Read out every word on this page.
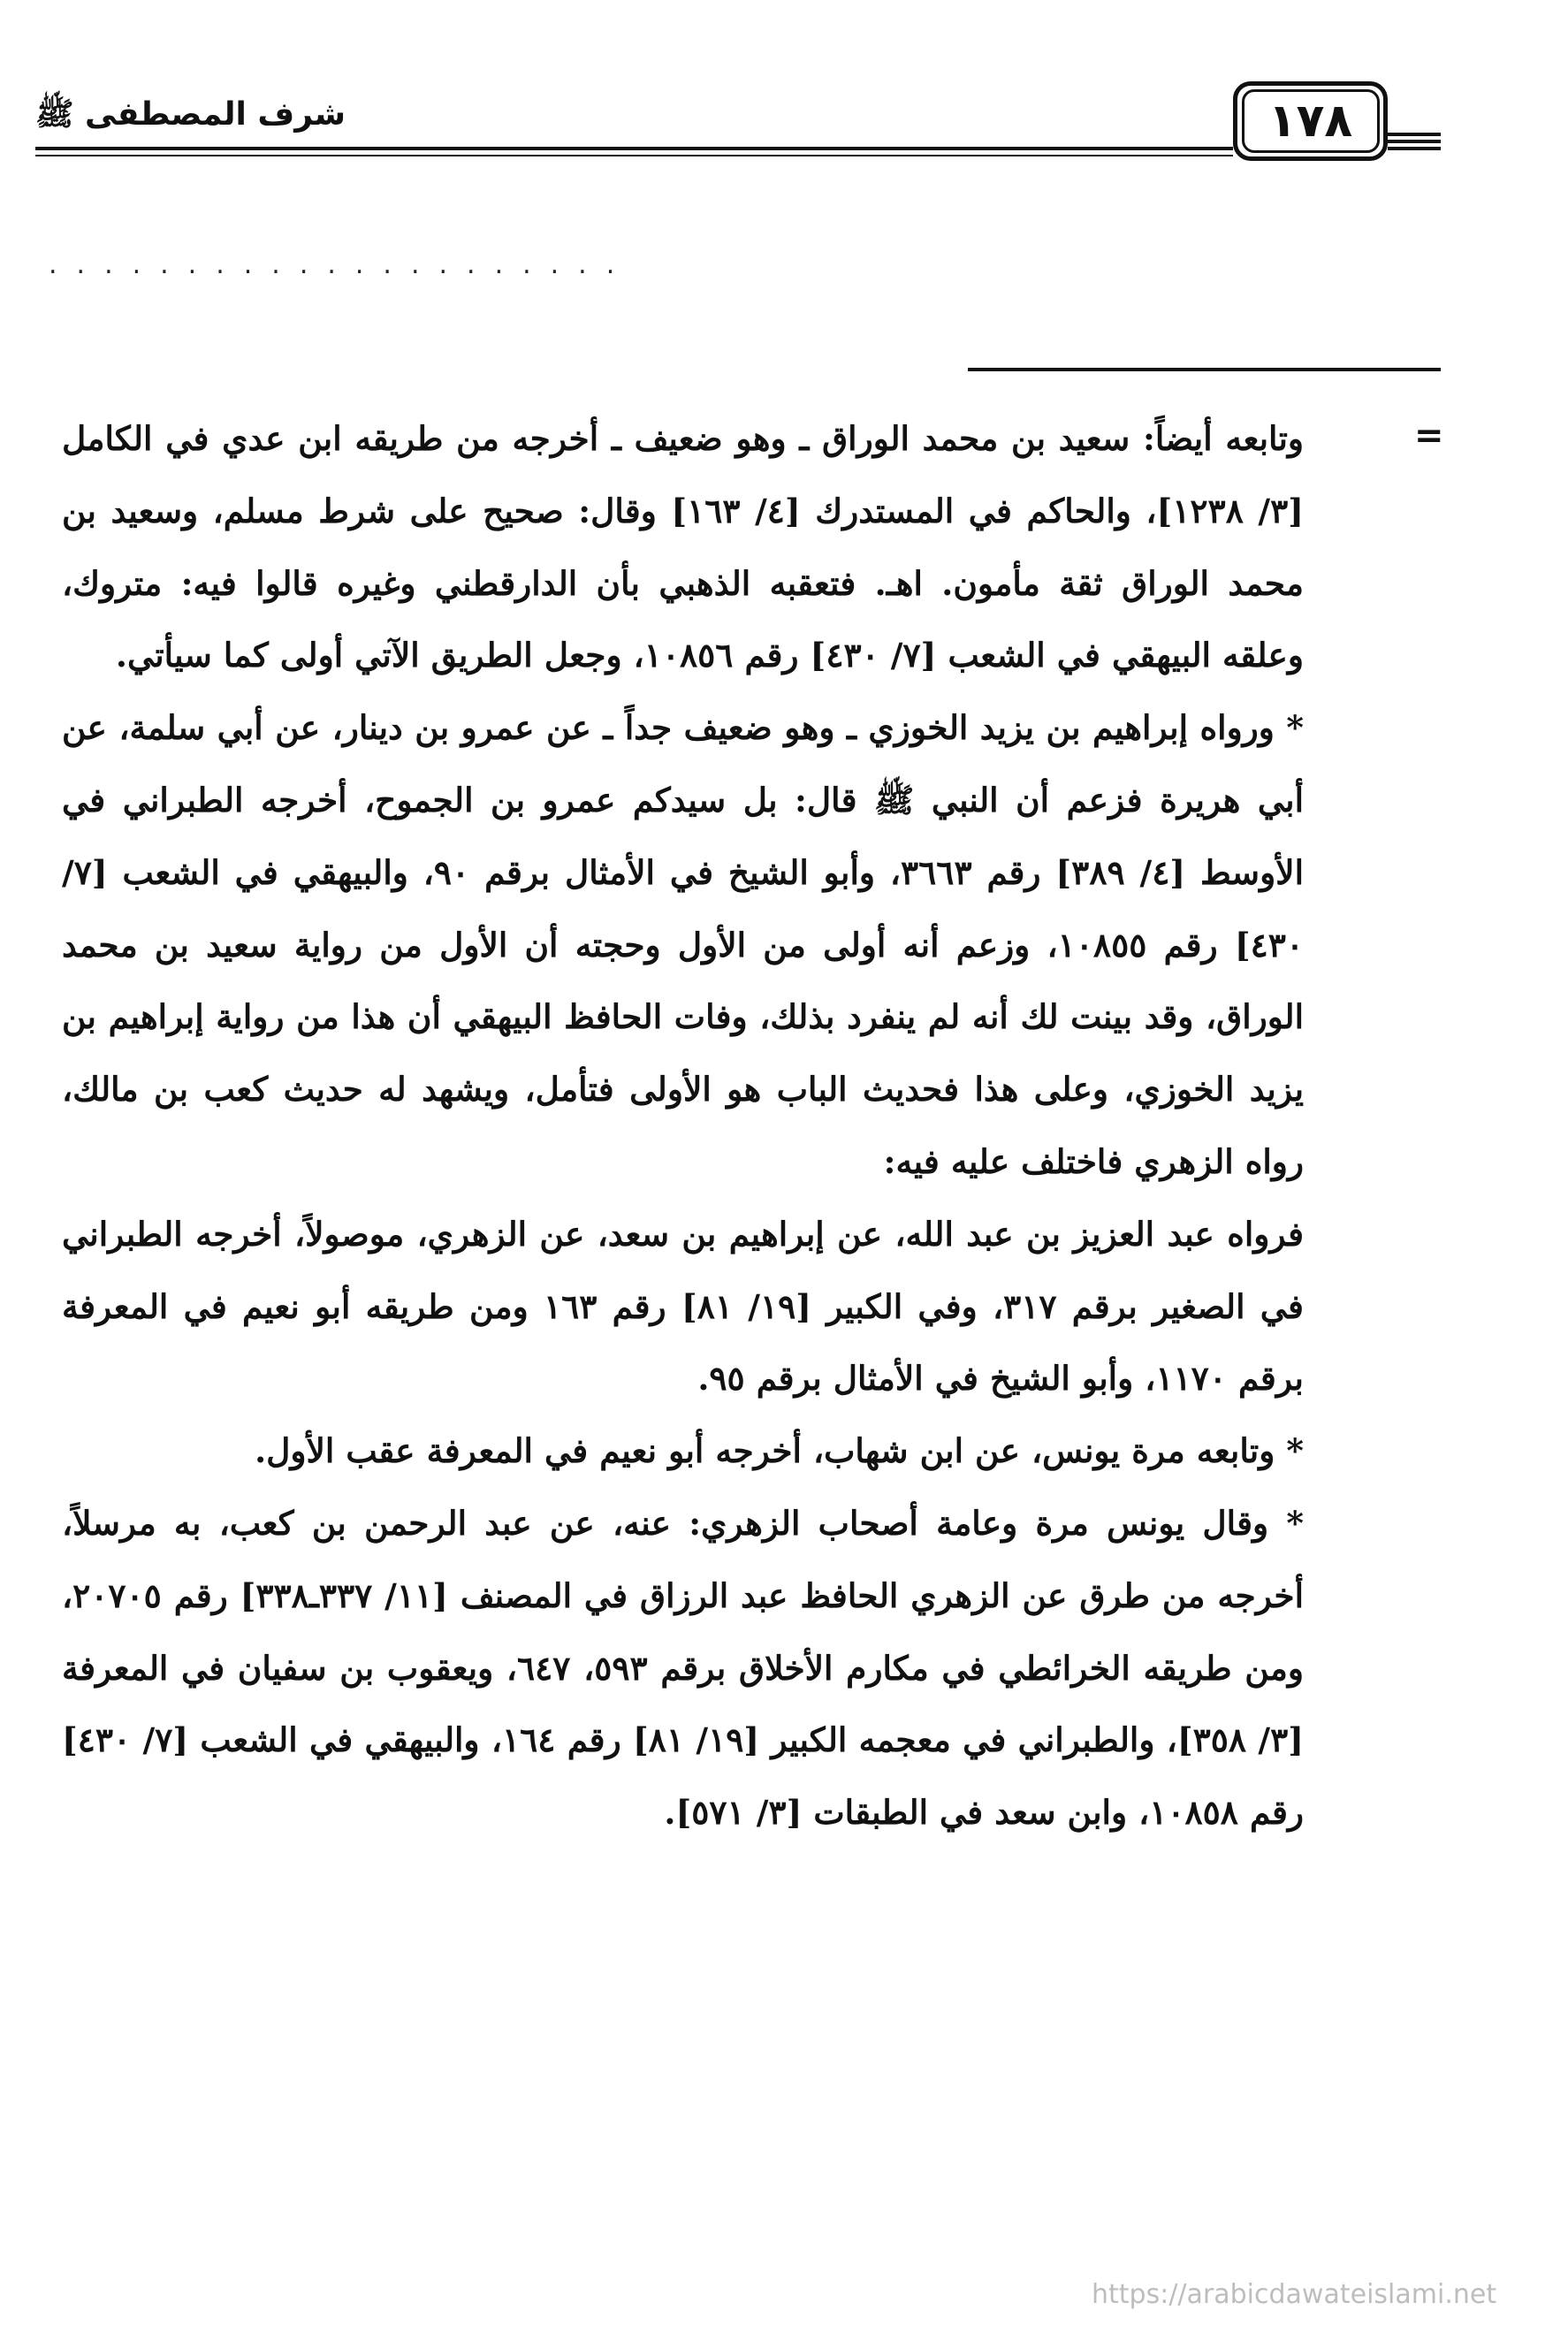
شرف المصطفى ﷺ	١٧٨
.....................
=

وتابعه أيضاً: سعيد بن محمد الوراق ـ وهو ضعيف ـ أخرجه من طريقه ابن عدي في الكامل [٣/ ١٢٣٨]، والحاكم في المستدرك [٤/ ١٦٣] وقال: صحيح على شرط مسلم، وسعيد بن محمد الوراق ثقة مأمون. اهـ. فتعقبه الذهبي بأن الدارقطني وغيره قالوا فيه: متروك، وعلقه البيهقي في الشعب [٧/ ٤٣٠] رقم ١٠٨٥٦، وجعل الطريق الآتي أولى كما سيأتي.

* ورواه إبراهيم بن يزيد الخوزي ـ وهو ضعيف جداً ـ عن عمرو بن دينار، عن أبي سلمة، عن أبي هريرة فزعم أن النبي ﷺ قال: بل سيدكم عمرو بن الجموح، أخرجه الطبراني في الأوسط [٤/ ٣٨٩] رقم ٣٦٦٣، وأبو الشيخ في الأمثال برقم ٩٠، والبيهقي في الشعب [٧/ ٤٣٠] رقم ١٠٨٥٥، وزعم أنه أولى من الأول وحجته أن الأول من رواية سعيد بن محمد الوراق، وقد بينت لك أنه لم ينفرد بذلك، وفات الحافظ البيهقي أن هذا من رواية إبراهيم بن يزيد الخوزي، وعلى هذا فحديث الباب هو الأولى فتأمل، ويشهد له حديث كعب بن مالك، رواه الزهري فاختلف عليه فيه:

فرواه عبد العزيز بن عبد الله، عن إبراهيم بن سعد، عن الزهري، موصولاً، أخرجه الطبراني في الصغير برقم ٣١٧، وفي الكبير [١٩/ ٨١] رقم ١٦٣ ومن طريقه أبو نعيم في المعرفة برقم ١١٧٠، وأبو الشيخ في الأمثال برقم ٩٥.

* وتابعه مرة يونس، عن ابن شهاب، أخرجه أبو نعيم في المعرفة عقب الأول.

* وقال يونس مرة وعامة أصحاب الزهري: عنه، عن عبد الرحمن بن كعب، به مرسلاً، أخرجه من طرق عن الزهري الحافظ عبد الرزاق في المصنف [١١/ ٣٣٧ـ٣٣٨] رقم ٢٠٧٠٥، ومن طريقه الخرائطي في مكارم الأخلاق برقم ٥٩٣، ٦٤٧، ويعقوب بن سفيان في المعرفة [٣/ ٣٥٨]، والطبراني في معجمه الكبير [١٩/ ٨١] رقم ١٦٤، والبيهقي في الشعب [٧/ ٤٣٠] رقم ١٠٨٥٨، وابن سعد في الطبقات [٣/ ٥٧١].

https://arabicdawateislami.net
